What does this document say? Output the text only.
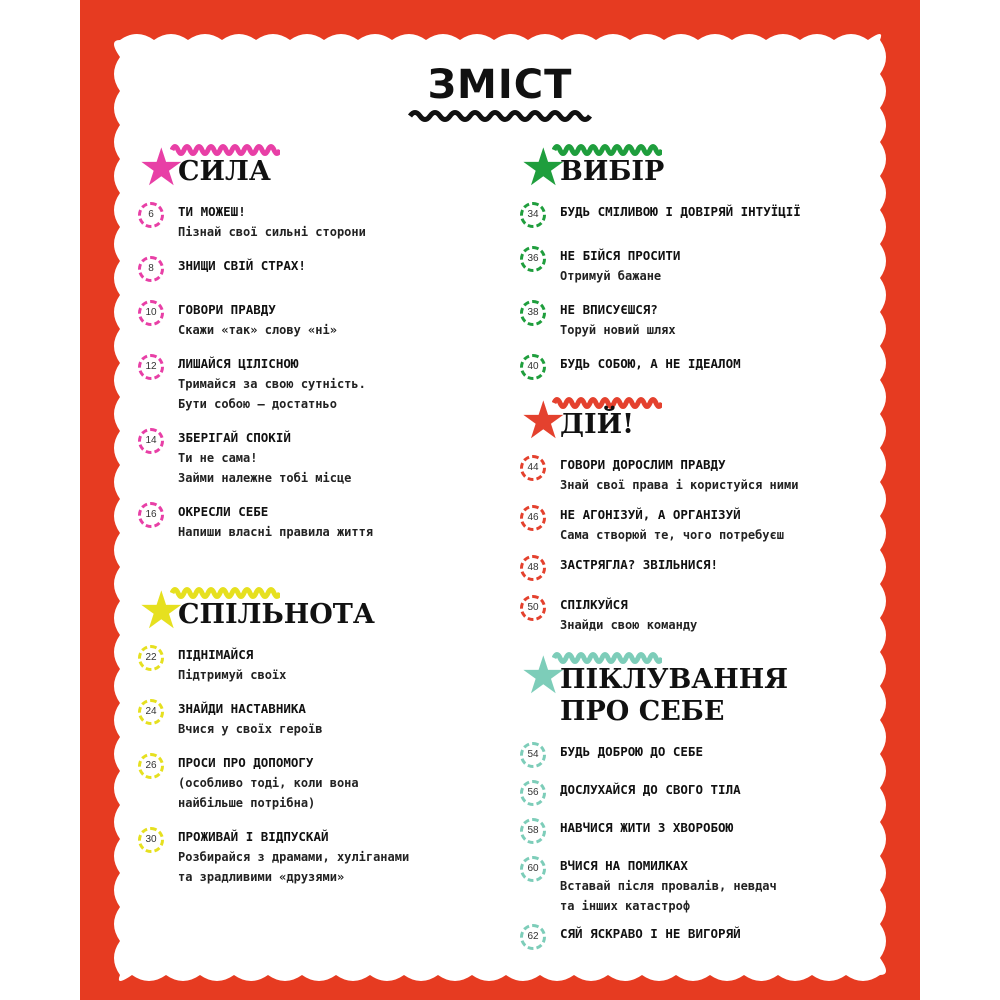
ЗМІСТ
★
СИЛА
6	ТИ МОЖЕШ!
Пізнай свої сильні сторони
8	ЗНИЩИ СВІЙ СТРАХ!
10	ГОВОРИ ПРАВДУ
Скажи «так» слову «ні»
12	ЛИШАЙСЯ ЦІЛІСНОЮ
Тримайся за свою сутність.
Бути собою — достатньо
14	ЗБЕРІГАЙ СПОКІЙ
Ти не сама!
Займи належне тобі місце
16	ОКРЕСЛИ СЕБЕ
Напиши власні правила життя
★
СПІЛЬНОТА
22	ПІДНІМАЙСЯ
Підтримуй своїх
24	ЗНАЙДИ НАСТАВНИКА
Вчися у своїх героїв
26	ПРОСИ ПРО ДОПОМОГУ
(особливо тоді, коли вона
найбільше потрібна)
30	ПРОЖИВАЙ І ВІДПУСКАЙ
Розбирайся з драмами, хуліганами
та зрадливими «друзями»
★
ВИБІР
34	БУДЬ СМІЛИВОЮ І ДОВІРЯЙ ІНТУЇЦІЇ
36	НЕ БІЙСЯ ПРОСИТИ
Отримуй бажане
38	НЕ ВПИСУЄШСЯ?
Торуй новий шлях
40	БУДЬ СОБОЮ, А НЕ ІДЕАЛОМ
★
ДІЙ!
44	ГОВОРИ ДОРОСЛИМ ПРАВДУ
Знай свої права і користуйся ними
46	НЕ АГОНІЗУЙ, А ОРГАНІЗУЙ
Сама створюй те, чого потребуєш
48	ЗАСТРЯГЛА? ЗВІЛЬНИСЯ!
50	СПІЛКУЙСЯ
Знайди свою команду
★
ПІКЛУВАННЯ
ПРО СЕБЕ
54	БУДЬ ДОБРОЮ ДО СЕБЕ
56	ДОСЛУХАЙСЯ ДО СВОГО ТІЛА
58	НАВЧИСЯ ЖИТИ З ХВОРОБОЮ
60	ВЧИСЯ НА ПОМИЛКАХ
Вставай після провалів, невдач
та інших катастроф
62	СЯЙ ЯСКРАВО І НЕ ВИГОРЯЙ
